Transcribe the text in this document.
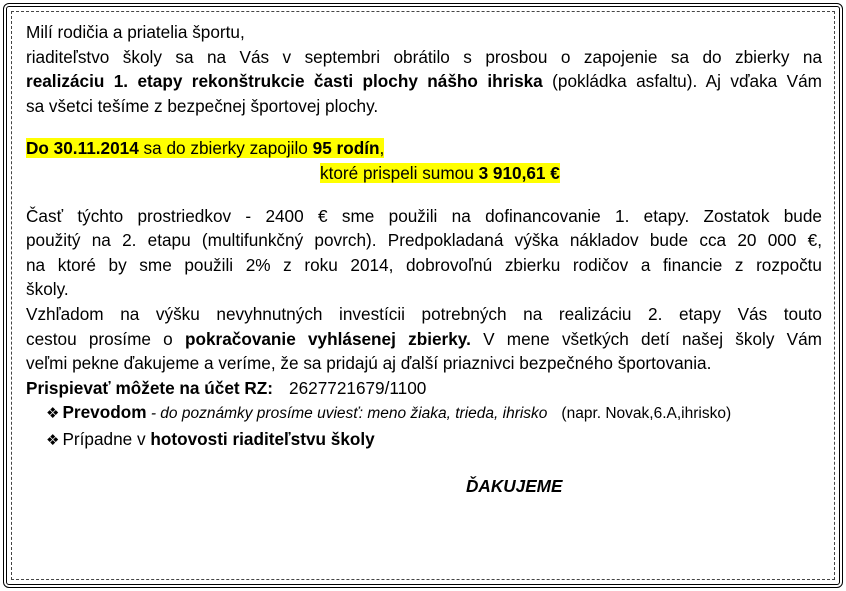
Milí rodičia a priatelia športu,
riaditeľstvo školy sa na Vás v septembri obrátilo s prosbou o zapojenie sa do zbierky na
realizáciu 1. etapy rekonštrukcie časti plochy nášho ihriska (pokládka asfaltu). Aj vďaka Vám
sa všetci tešíme z bezpečnej športovej plochy.
Do 30.11.2014 sa do zbierky zapojilo 95 rodín,
ktoré prispeli sumou 3 910,61 €
Časť týchto prostriedkov - 2400 € sme použili na dofinancovanie 1. etapy. Zostatok bude
použitý na 2. etapu (multifunkčný povrch). Predpokladaná výška nákladov bude cca 20 000 €,
na ktoré by sme použili 2% z roku 2014, dobrovoľnú zbierku rodičov a financie z rozpočtu
školy.
Vzhľadom na výšku nevyhnutných investícii potrebných na realizáciu 2. etapy Vás touto
cestou prosíme o pokračovanie vyhlásenej zbierky. V mene všetkých detí našej školy Vám
veľmi pekne ďakujeme a veríme, že sa pridajú aj ďalší priaznivci bezpečného športovania.
Prispievať môžete na účet RZ: 2627721679/1100
❖ Prevodom - do poznámky prosíme uviesť: meno žiaka, trieda, ihrisko (napr. Novak,6.A,ihrisko)
❖ Prípadne v hotovosti riaditeľstvu školy
ĎAKUJEME
